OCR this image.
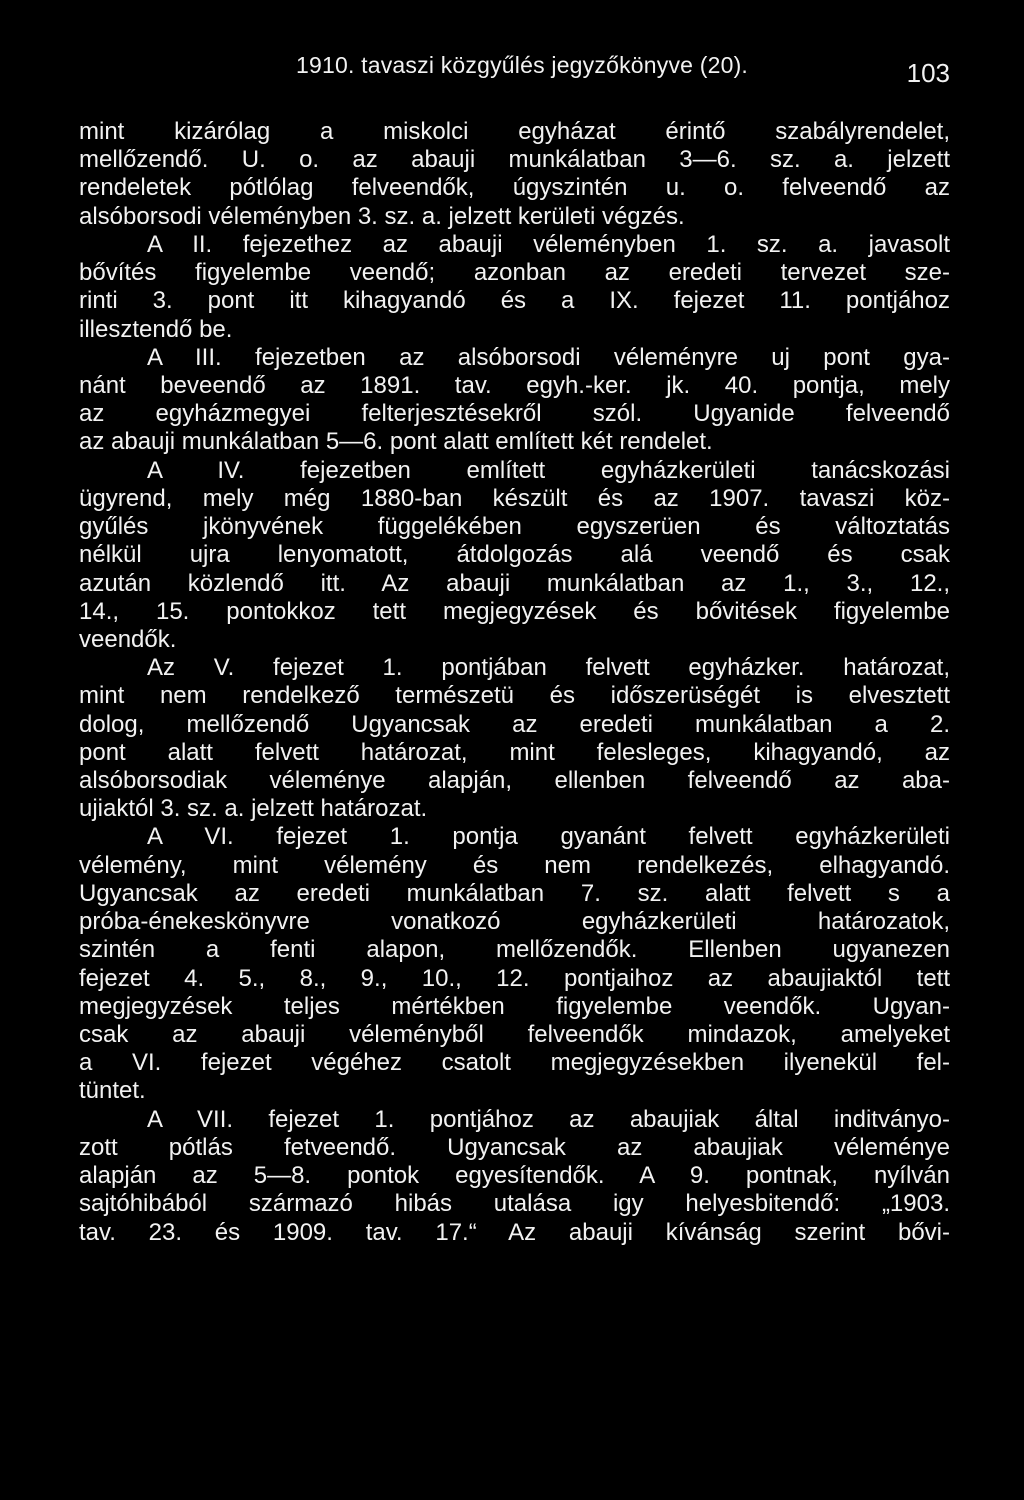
1910. tavaszi közgyűlés jegyzőkönyve (20).	103
mint kizárólag a miskolci egyházat érintő szabályrendelet,
mellőzendő. U. o. az abauji munkálatban 3—6. sz. a. jelzett
rendeletek pótlólag felveendők, úgyszintén u. o. felveendő az
alsóborsodi véleményben 3. sz. a. jelzett kerületi végzés.
A II. fejezethez az abauji véleményben 1. sz. a. javasolt
bővítés figyelembe veendő; azonban az eredeti tervezet sze-
rinti 3. pont itt kihagyandó és a IX. fejezet 11. pontjához
illesztendő be.
A III. fejezetben az alsóborsodi véleményre uj pont gya-
nánt beveendő az 1891. tav. egyh.-ker. jk. 40. pontja, mely
az egyházmegyei felterjesztésekről szól. Ugyanide felveendő
az abauji munkálatban 5—6. pont alatt említett két rendelet.
A IV. fejezetben említett egyházkerületi tanácskozási
ügyrend, mely még 1880-ban készült és az 1907. tavaszi köz-
gyűlés jkönyvének függelékében egyszerüen és változtatás
nélkül ujra lenyomatott, átdolgozás alá veendő és csak
azután közlendő itt. Az abauji munkálatban az 1., 3., 12.,
14., 15. pontokkoz tett megjegyzések és bővitések figyelembe
veendők.
Az V. fejezet 1. pontjában felvett egyházker. határozat,
mint nem rendelkező természetü és időszerüségét is elvesztett
dolog, mellőzendő Ugyancsak az eredeti munkálatban a 2.
pont alatt felvett határozat, mint felesleges, kihagyandó, az
alsóborsodiak véleménye alapján, ellenben felveendő az aba-
ujiaktól 3. sz. a. jelzett határozat.
A VI. fejezet 1. pontja gyanánt felvett egyházkerületi
vélemény, mint vélemény és nem rendelkezés, elhagyandó.
Ugyancsak az eredeti munkálatban 7. sz. alatt felvett s a
próba-énekeskönyvre vonatkozó egyházkerületi határozatok,
szintén a fenti alapon, mellőzendők. Ellenben ugyanezen
fejezet 4. 5., 8., 9., 10., 12. pontjaihoz az abaujiaktól tett
megjegyzések teljes mértékben figyelembe veendők. Ugyan-
csak az abauji véleményből felveendők mindazok, amelyeket
a VI. fejezet végéhez csatolt megjegyzésekben ilyenekül fel-
tüntet.
A VII. fejezet 1. pontjához az abaujiak által inditványo-
zott pótlás fetveendő. Ugyancsak az abaujiak véleménye
alapján az 5—8. pontok egyesítendők. A 9. pontnak, nyílván
sajtóhibából származó hibás utalása igy helyesbitendő: „1903.
tav. 23. és 1909. tav. 17.“ Az abauji kívánság szerint bővi-
